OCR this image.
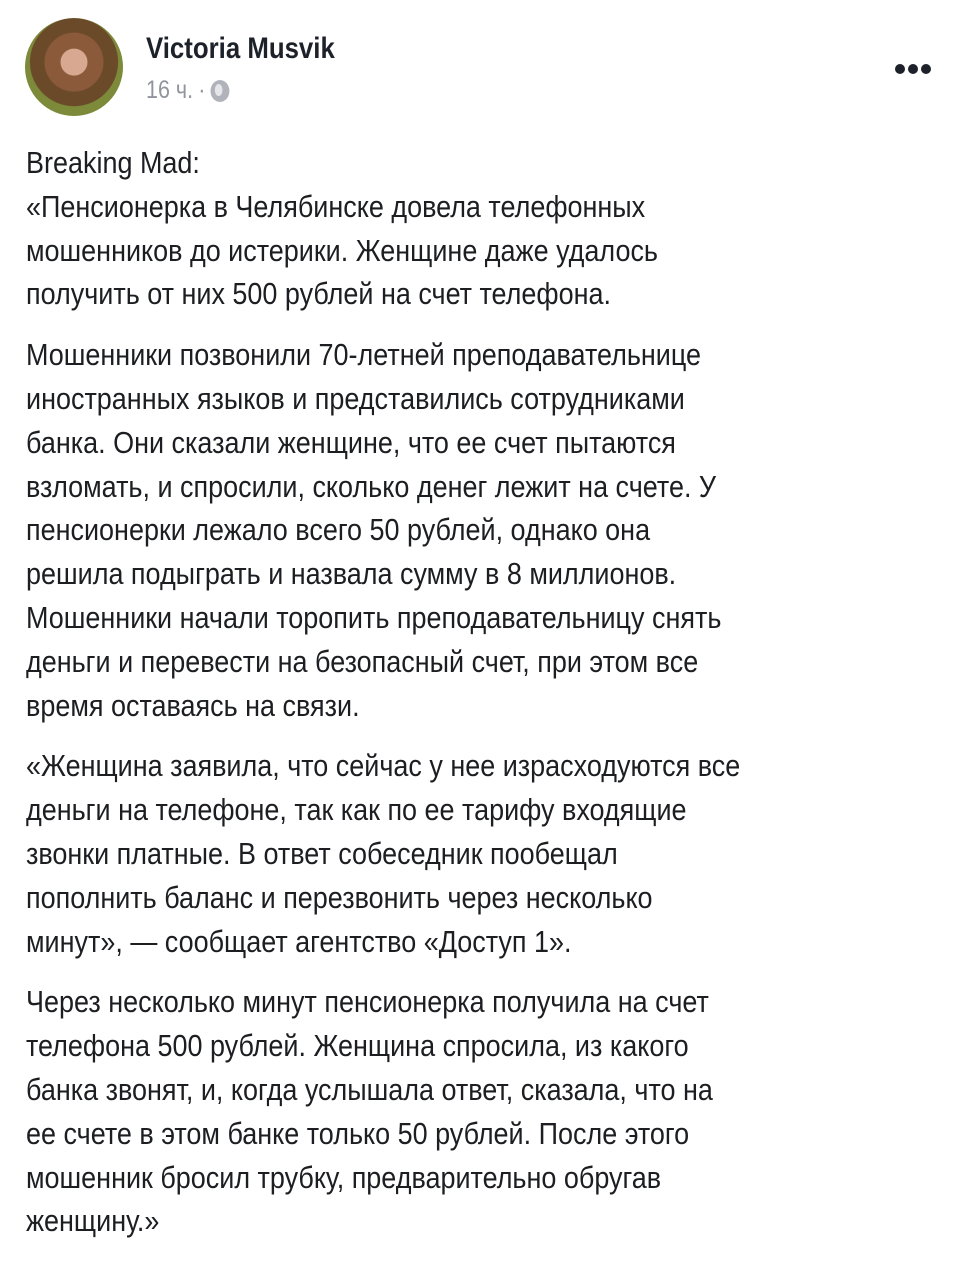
Victoria Musvik
16 ч. ·
Breaking Mad:
«Пенсионерка в Челябинске довела телефонных
мошенников до истерики. Женщине даже удалось
получить от них 500 рублей на счет телефона.
Мошенники позвонили 70-летней преподавательнице
иностранных языков и представились сотрудниками
банка. Они сказали женщине, что ее счет пытаются
взломать, и спросили, сколько денег лежит на счете. У
пенсионерки лежало всего 50 рублей, однако она
решила подыграть и назвала сумму в 8 миллионов.
Мошенники начали торопить преподавательницу снять
деньги и перевести на безопасный счет, при этом все
время оставаясь на связи.
«Женщина заявила, что сейчас у нее израсходуются все
деньги на телефоне, так как по ее тарифу входящие
звонки платные. В ответ собеседник пообещал
пополнить баланс и перезвонить через несколько
минут», — сообщает агентство «Доступ 1».
Через несколько минут пенсионерка получила на счет
телефона 500 рублей. Женщина спросила, из какого
банка звонят, и, когда услышала ответ, сказала, что на
ее счете в этом банке только 50 рублей. После этого
мошенник бросил трубку, предварительно обругав
женщину.»
